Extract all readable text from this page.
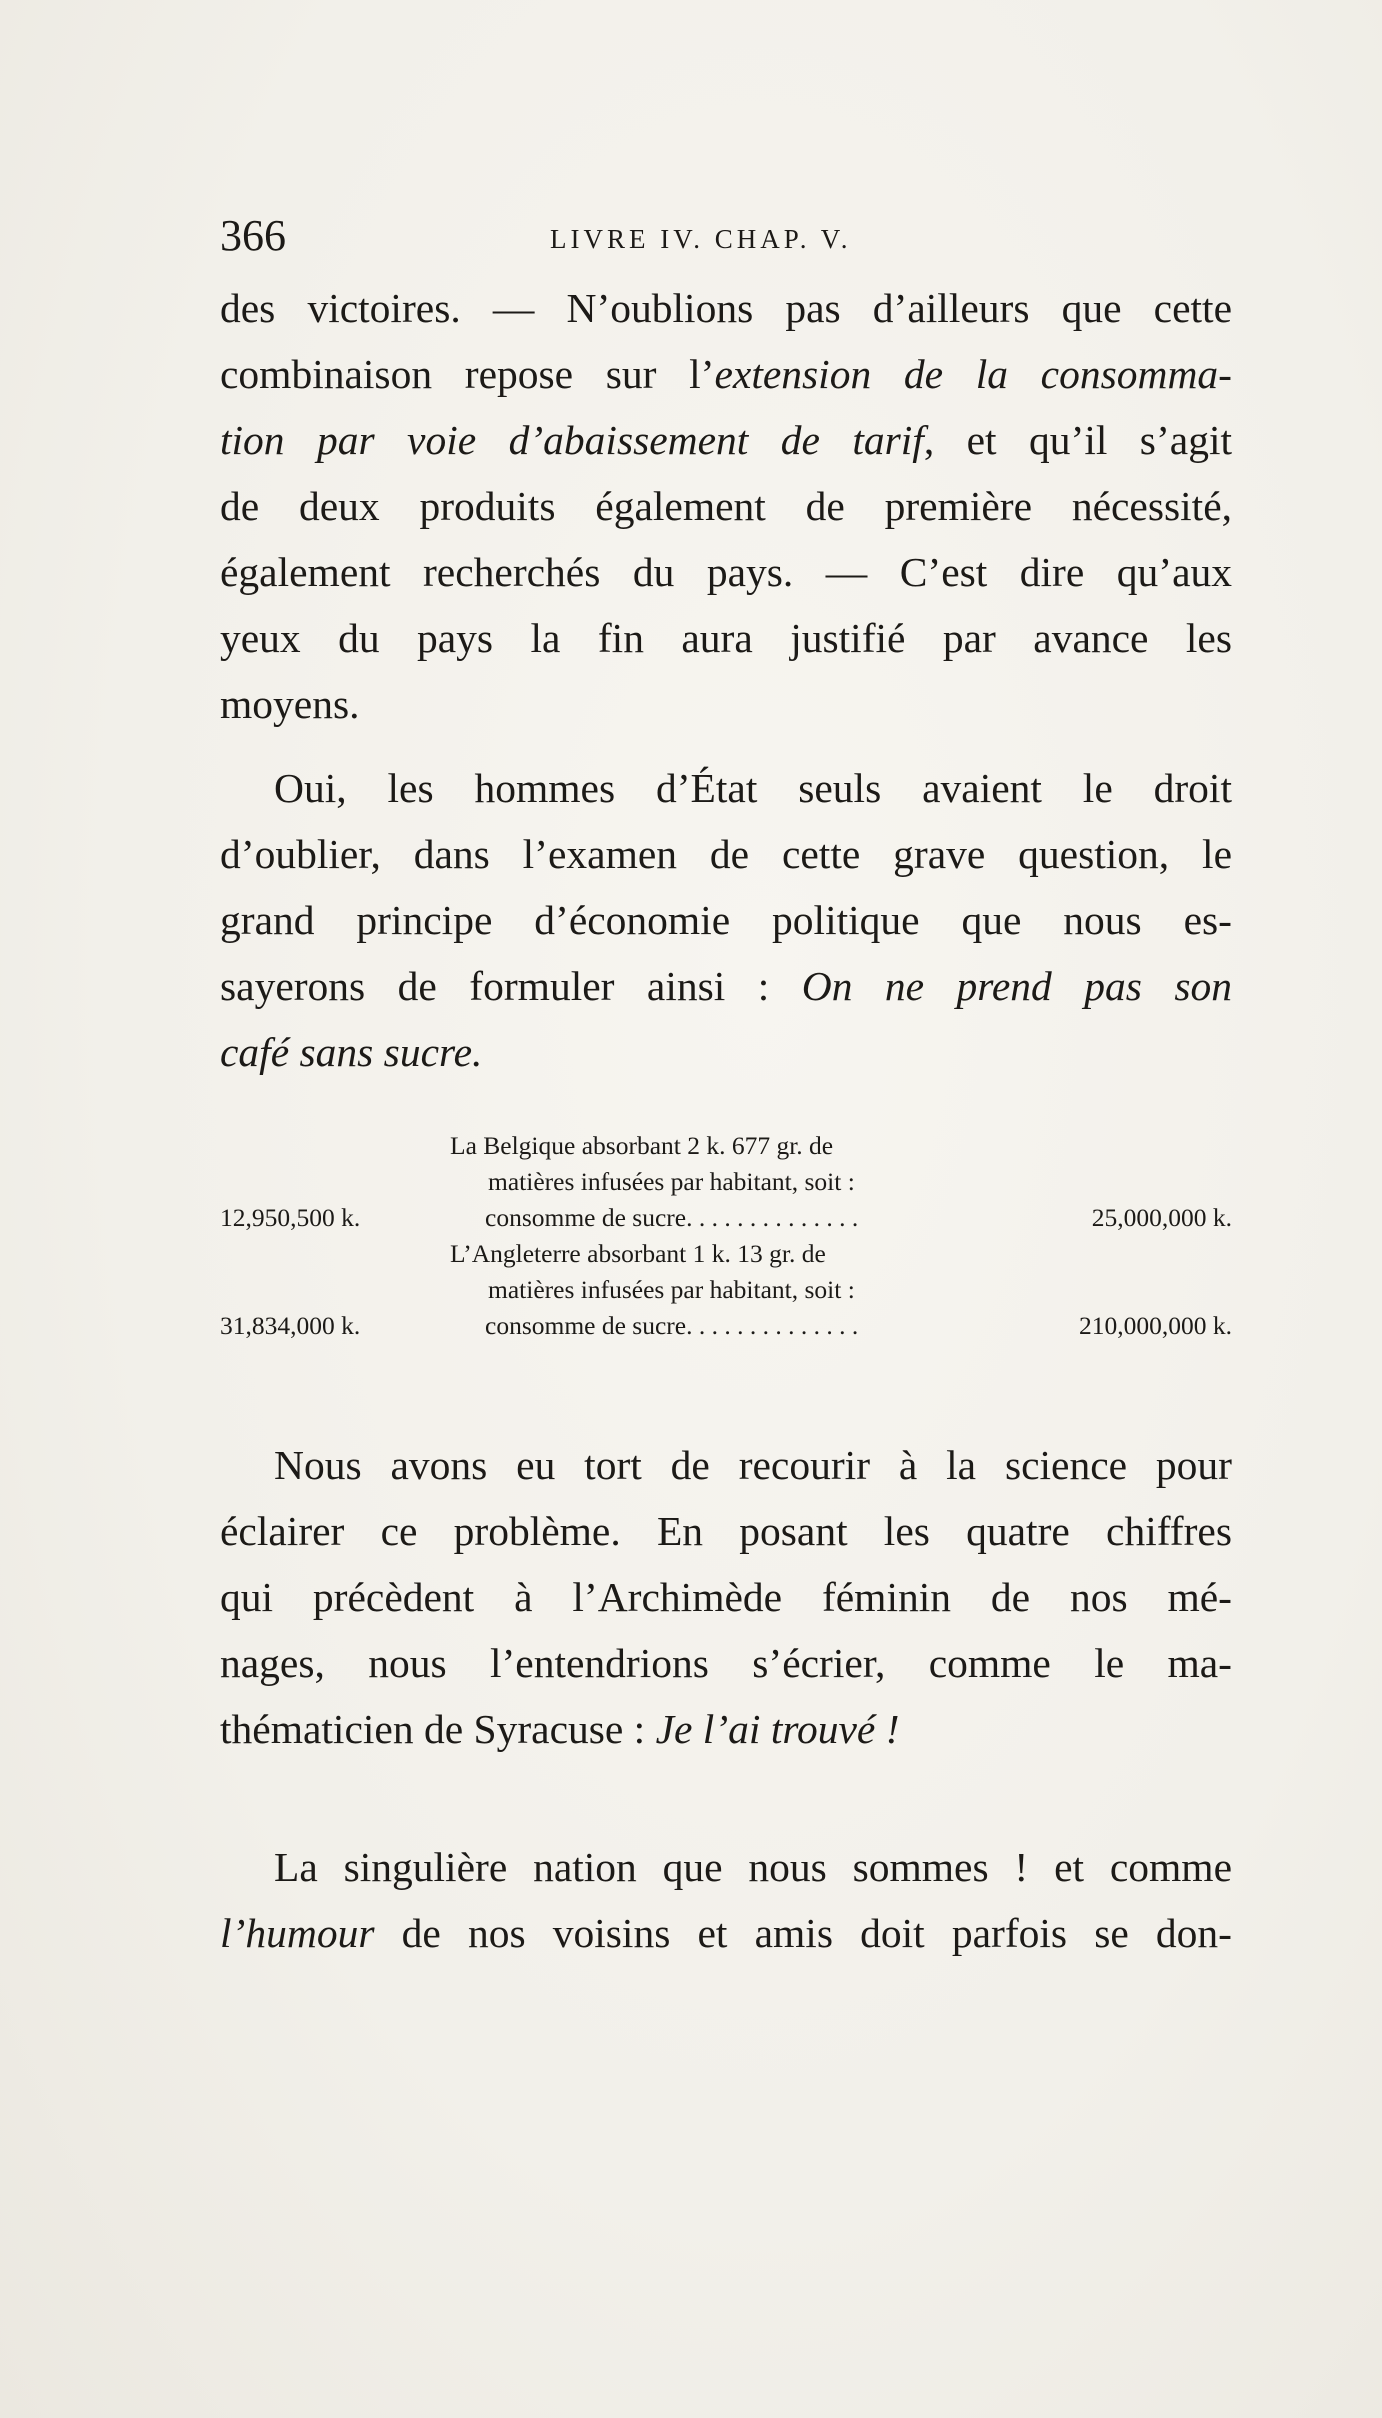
366	LIVRE IV. CHAP. V.
des victoires. — N’oublions pas d’ailleurs que cette
combinaison repose sur l’extension de la consomma-
tion par voie d’abaissement de tarif, et qu’il s’agit
de deux produits également de première nécessité,
également recherchés du pays. — C’est dire qu’aux
yeux du pays la fin aura justifié par avance les
moyens.
Oui, les hommes d’État seuls avaient le droit
d’oublier, dans l’examen de cette grave question, le
grand principe d’économie politique que nous es-
sayerons de formuler ainsi : On ne prend pas son
café sans sucre.
La Belgique absorbant 2 k. 677 gr. de
matières infusées par habitant, soit :
12,950,500 k.	consomme de sucre. . . . . . . . . . . . . .	25,000,000 k.
L’Angleterre absorbant 1 k. 13 gr. de
matières infusées par habitant, soit :
31,834,000 k.	consomme de sucre. . . . . . . . . . . . . .	210,000,000 k.
Nous avons eu tort de recourir à la science pour
éclairer ce problème. En posant les quatre chiffres
qui précèdent à l’Archimède féminin de nos mé-
nages, nous l’entendrions s’écrier, comme le ma-
thématicien de Syracuse : Je l’ai trouvé !
La singulière nation que nous sommes ! et comme
l’humour de nos voisins et amis doit parfois se don-
